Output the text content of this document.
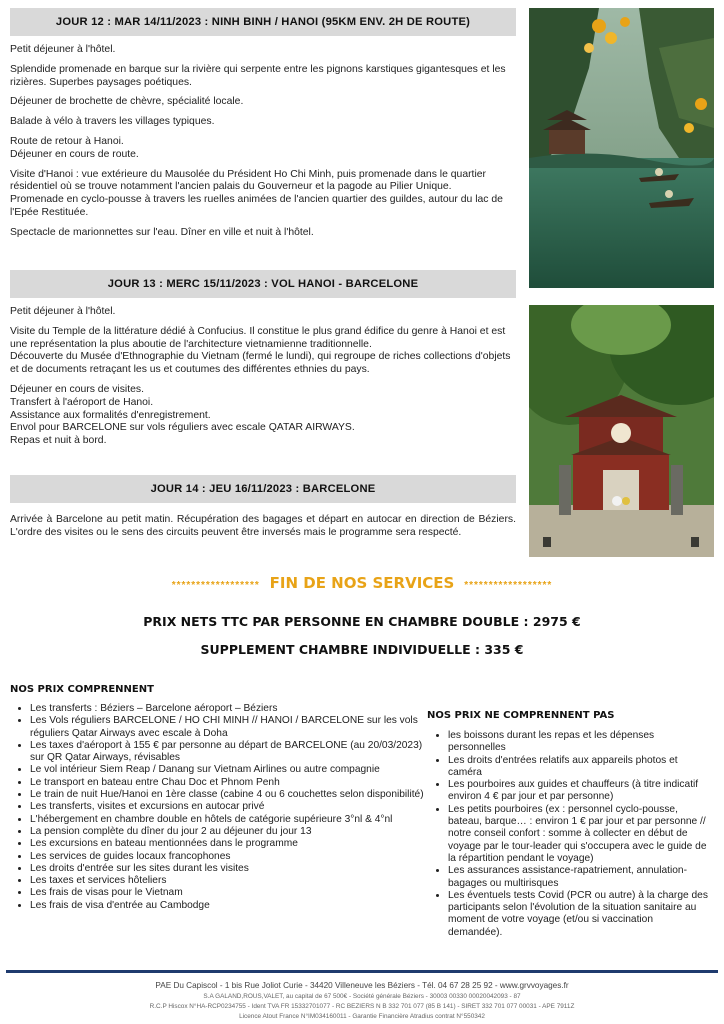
JOUR 12 : MAR 14/11/2023 : NINH BINH / HANOI (95KM ENV. 2H DE ROUTE)

Petit déjeuner à l'hôtel.

Splendide promenade en barque sur la rivière qui serpente entre les pignons karstiques gigantesques et les rizières. Superbes paysages poétiques.

Déjeuner de brochette de chèvre, spécialité locale.

Balade à vélo à travers les villages typiques.

Route de retour à Hanoi.

Déjeuner en cours de route.

Visite d'Hanoi : vue extérieure du Mausolée du Président Ho Chi Minh, puis promenade dans le quartier résidentiel où se trouve notamment l'ancien palais du Gouverneur et la pagode au Pilier Unique.

Promenade en cyclo-pousse à travers les ruelles animées de l'ancien quartier des guildes, autour du lac de l'Epée Restituée.

Spectacle de marionnettes sur l'eau. Dîner en ville et nuit à l'hôtel.

JOUR 13 : MERC 15/11/2023 : VOL HANOI - BARCELONE

Petit déjeuner à l'hôtel.

Visite du Temple de la littérature dédié à Confucius. Il constitue le plus grand édifice du genre à Hanoi et est une représentation la plus aboutie de l'architecture vietnamienne traditionnelle.

Découverte du Musée d'Ethnographie du Vietnam (fermé le lundi), qui regroupe de riches collections d'objets et de documents retraçant les us et coutumes des différentes ethnies du pays.

Déjeuner en cours de visites.

Transfert à l'aéroport de Hanoi.

Assistance aux formalités d'enregistrement.

Envol pour BARCELONE sur vols réguliers avec escale QATAR AIRWAYS.

Repas et nuit à bord.

JOUR 14 : JEU 16/11/2023 : BARCELONE

Arrivée à Barcelone au petit matin. Récupération des bagages et départ en autocar en direction de Béziers. L'ordre des visites ou le sens des circuits peuvent être inversés mais le programme sera respecté.

****************** FIN DE NOS SERVICES ******************
PRIX NETS TTC PAR PERSONNE EN CHAMBRE DOUBLE : 2975 €
SUPPLEMENT CHAMBRE INDIVIDUELLE : 335 €
NOS PRIX COMPRENNENT
• Les transferts : Béziers – Barcelone aéroport – Béziers
• Les Vols réguliers BARCELONE / HO CHI MINH // HANOI / BARCELONE sur les vols réguliers Qatar Airways avec escale à Doha
• Les taxes d'aéroport à 155 € par personne au départ de BARCELONE (au 20/03/2023) sur QR Qatar Airways, révisables
• Le vol intérieur Siem Reap / Danang sur Vietnam Airlines ou autre compagnie
• Le transport en bateau entre Chau Doc et Phnom Penh
• Le train de nuit Hue/Hanoi en 1ère classe (cabine 4 ou 6 couchettes selon disponibilité)
• Les transferts, visites et excursions en autocar privé
• L'hébergement en chambre double en hôtels de catégorie supérieure 3°nl & 4°nl
• La pension complète du dîner du jour 2 au déjeuner du jour 13
• Les excursions en bateau mentionnées dans le programme
• Les services de guides locaux francophones
• Les droits d'entrée sur les sites durant les visites
• Les taxes et services hôteliers
• Les frais de visas pour le Vietnam
• Les frais de visa d'entrée au Cambodge
NOS PRIX NE COMPRENNENT PAS
• les boissons durant les repas et les dépenses personnelles
• Les droits d'entrées relatifs aux appareils photos et caméra
• Les pourboires aux guides et chauffeurs (à titre indicatif environ 4 € par jour et par personne)
• Les petits pourboires (ex : personnel cyclo-pousse, bateau, barque… : environ 1 € par jour et par personne // notre conseil confort : somme à collecter en début de voyage par le tour-leader qui s'occupera avec le guide de la répartition pendant le voyage)
• Les assurances assistance-rapatriement, annulation-bagages ou multirisques
• Les éventuels tests Covid (PCR ou autre) à la charge des participants selon l'évolution de la situation sanitaire au moment de votre voyage (et/ou si vaccination demandée).
PAE Du Capiscol - 1 bis Rue Joliot Curie - 34420 Villeneuve les Béziers - Tél. 04 67 28 25 92 - www.grvvoyages.fr
S.A GALAND,ROUS,VALET, au capital de 67 500€ - Société générale Béziers - 30003 00330 00020042093 - 87
R.C.P Hiscox N°HA-RCP0234755 - Ident TVA FR 15332701077 - RC BEZIERS N B 332 701 077 (85 B 141) - SIRET 332 701 077 00031 - APE 7911Z
Licence Atout France N°IM034160011 - Garantie Financière Atradius contrat N°550342
